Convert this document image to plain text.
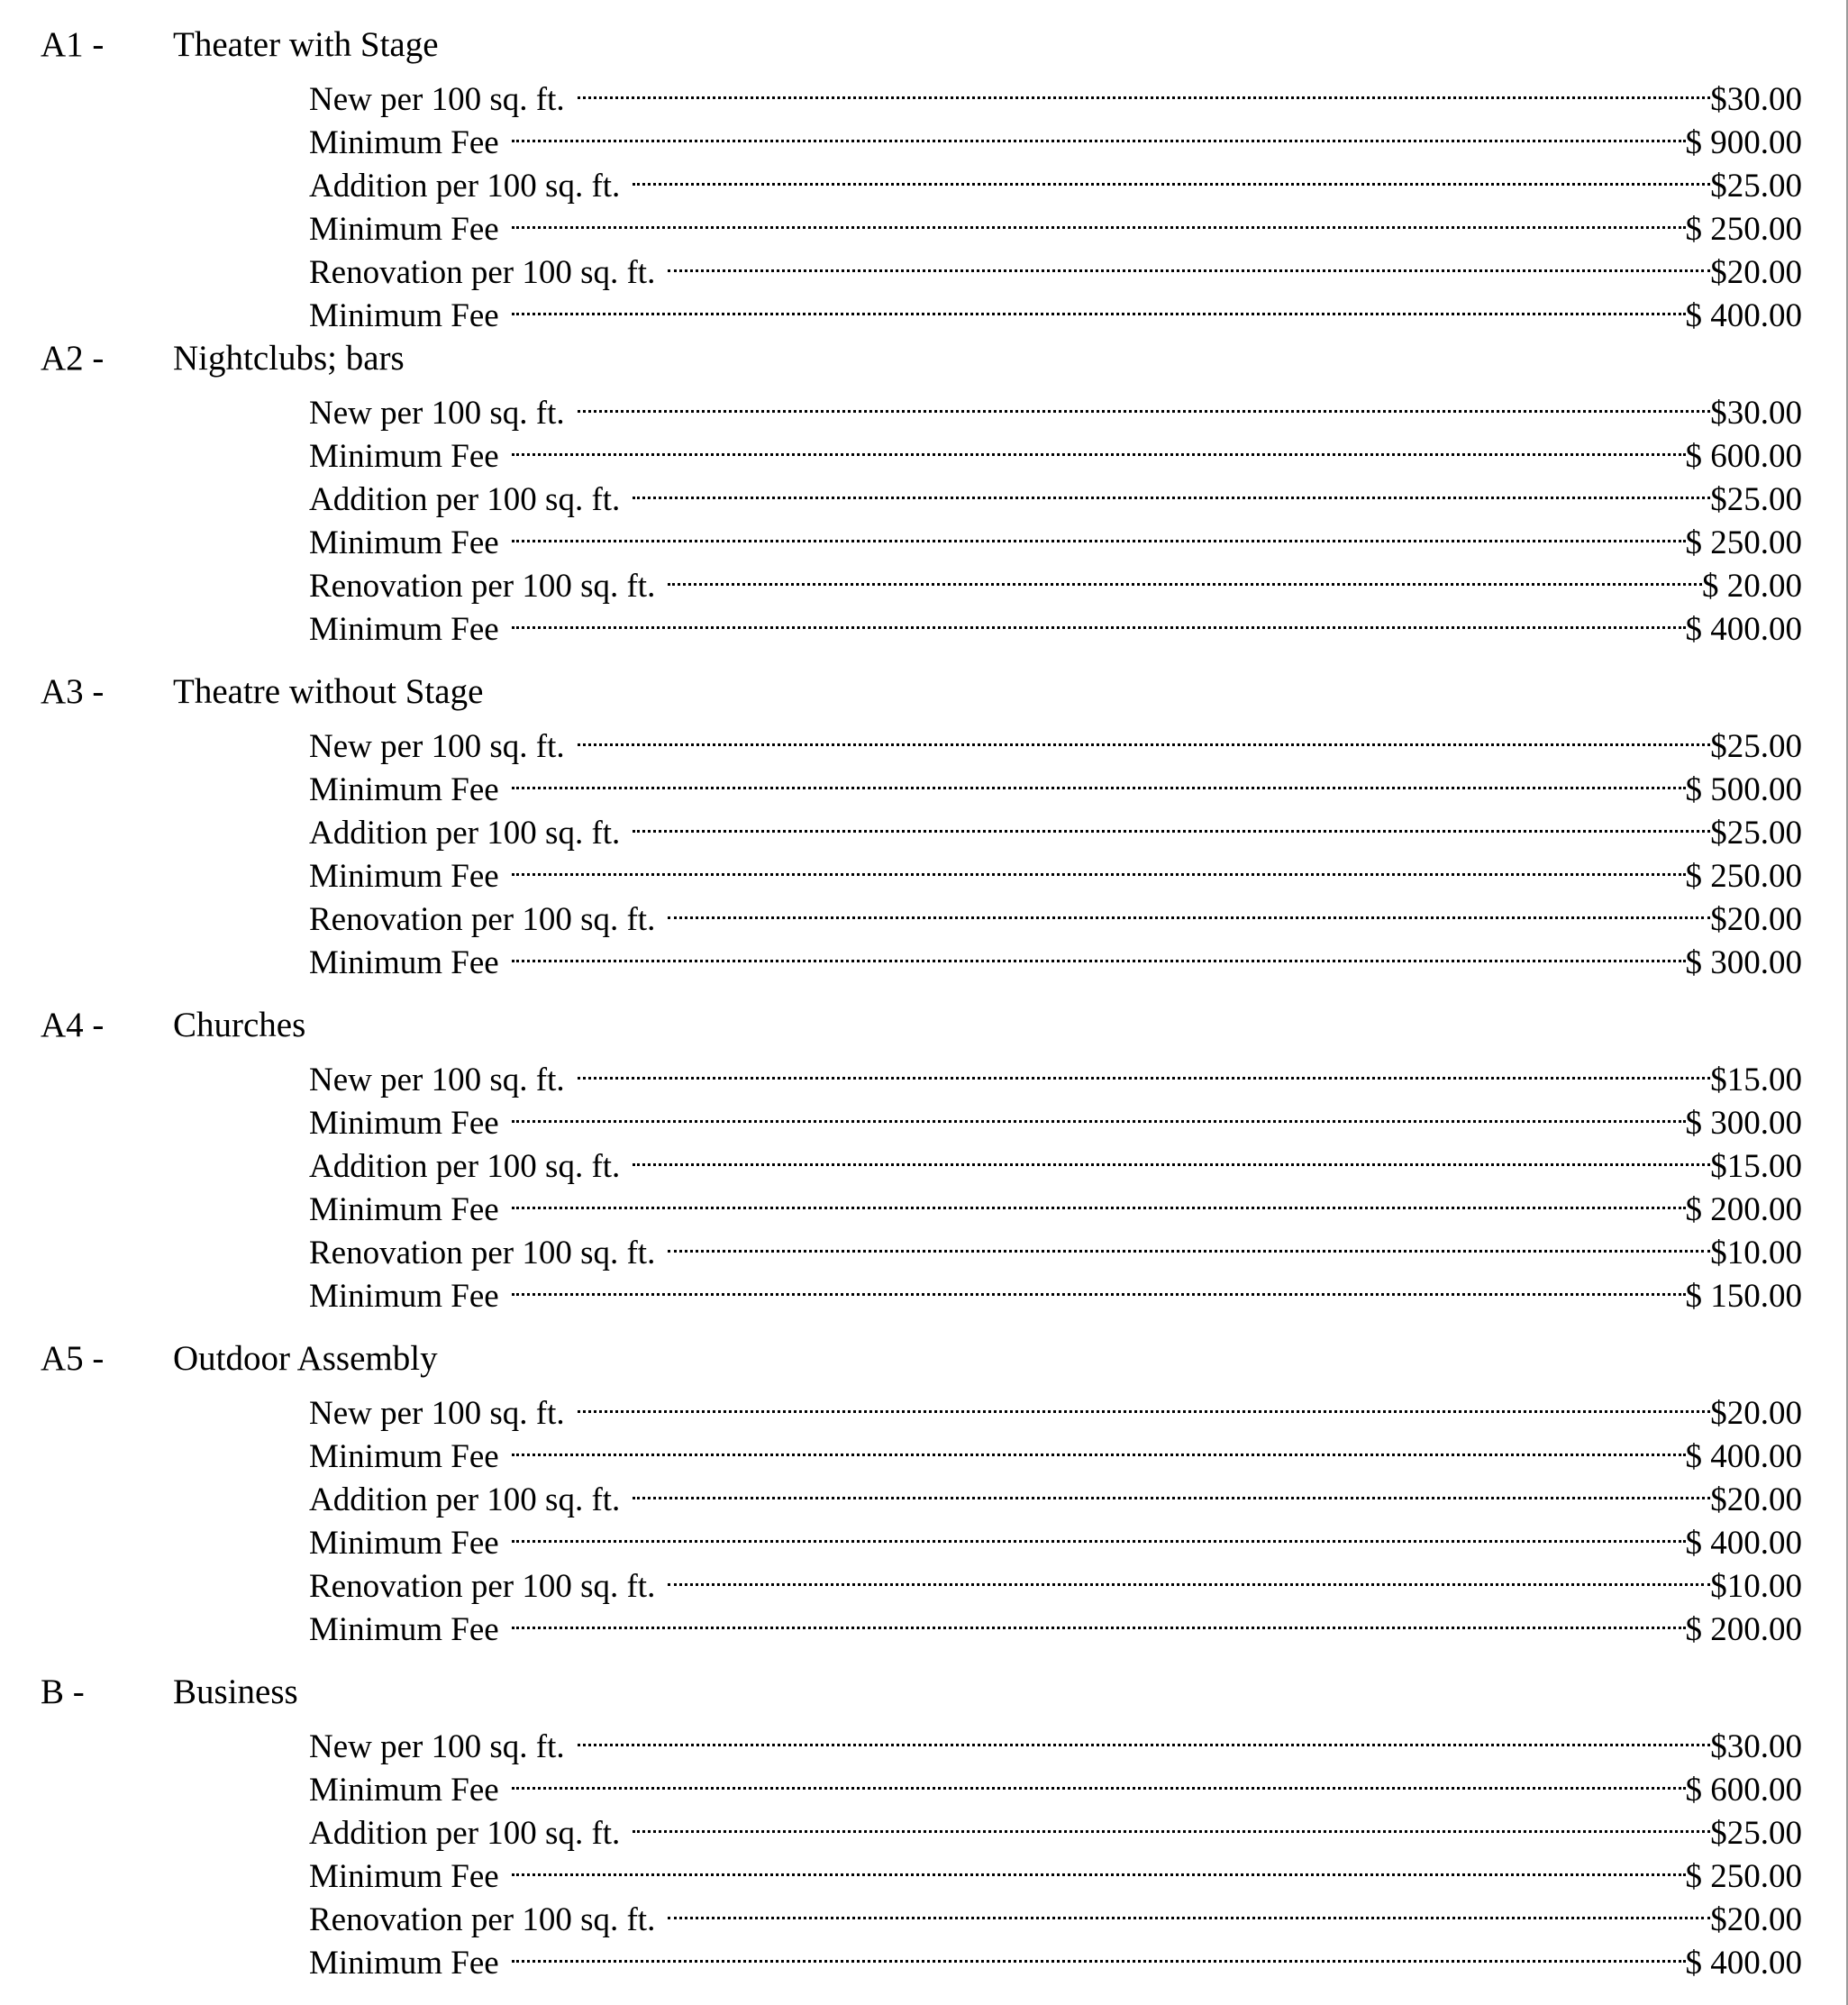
A1 - Theater with Stage
New per 100 sq. ft.	$30.00
Minimum Fee	$ 900.00
Addition per 100 sq. ft.	$25.00
Minimum Fee	$ 250.00
Renovation per 100 sq. ft.	$20.00
Minimum Fee	$ 400.00
A2 - Nightclubs; bars
New per 100 sq. ft.	$30.00
Minimum Fee	$ 600.00
Addition per 100 sq. ft.	$25.00
Minimum Fee	$ 250.00
Renovation per 100 sq. ft.	$ 20.00
Minimum Fee	$ 400.00
A3 - Theatre without Stage
New per 100 sq. ft.	$25.00
Minimum Fee	$ 500.00
Addition per 100 sq. ft.	$25.00
Minimum Fee	$ 250.00
Renovation per 100 sq. ft.	$20.00
Minimum Fee	$ 300.00
A4 - Churches
New per 100 sq. ft.	$15.00
Minimum Fee	$ 300.00
Addition per 100 sq. ft.	$15.00
Minimum Fee	$ 200.00
Renovation per 100 sq. ft.	$10.00
Minimum Fee	$ 150.00
A5 - Outdoor Assembly
New per 100 sq. ft.	$20.00
Minimum Fee	$ 400.00
Addition per 100 sq. ft.	$20.00
Minimum Fee	$ 400.00
Renovation per 100 sq. ft.	$10.00
Minimum Fee	$ 200.00
B -	Business
New per 100 sq. ft.	$30.00
Minimum Fee	$ 600.00
Addition per 100 sq. ft.	$25.00
Minimum Fee	$ 250.00
Renovation per 100 sq. ft.	$20.00
Minimum Fee	$ 400.00
